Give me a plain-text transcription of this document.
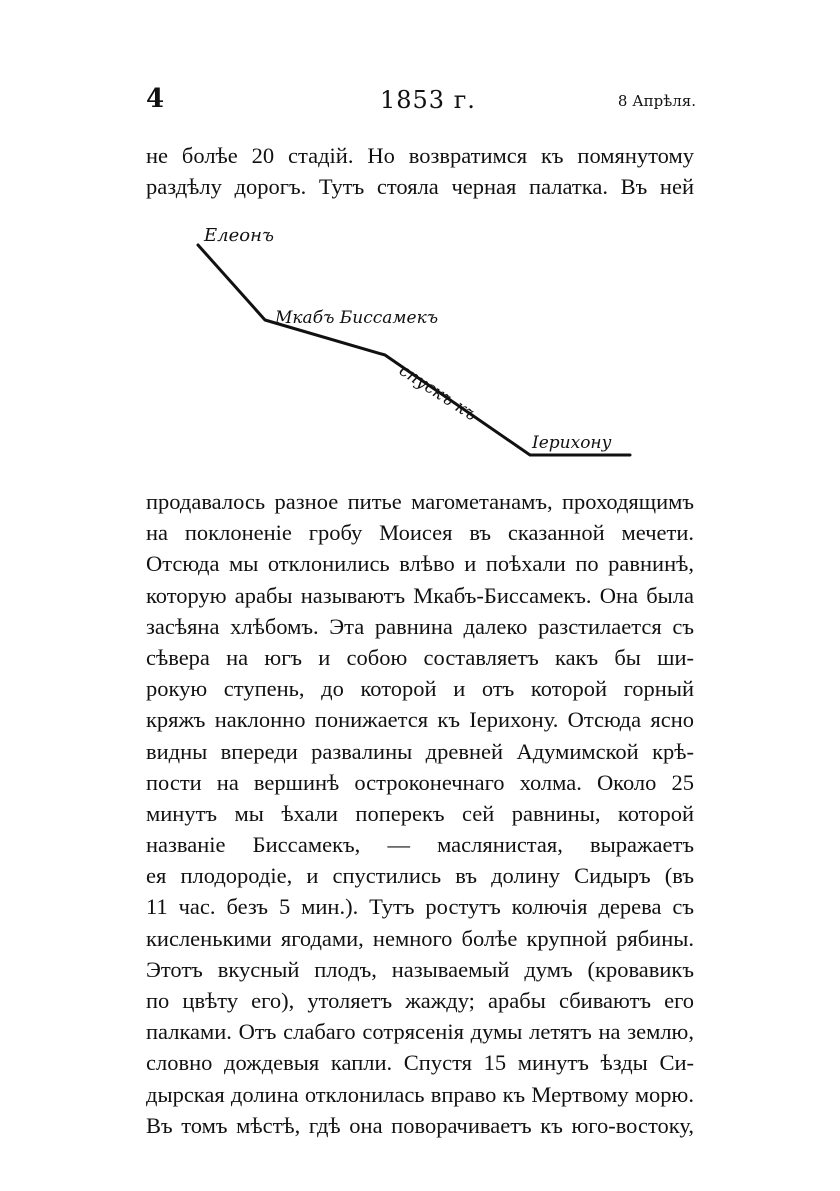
4	1853 г.	8 Апрѣля.
не болѣе 20 стадій. Но возвратимся къ помянутому
раздѣлу дорогъ. Тутъ стояла черная палатка. Въ ней
Елеонъ
Мкабъ Биссамекъ
спускъ къ
Іерихону
продавалось разное питье магометанамъ, проходящимъ
на поклоненіе гробу Моисея въ сказанной мечети.
Отсюда мы отклонились влѣво и поѣхали по равнинѣ,
которую арабы называютъ Мкабъ-Биссамекъ. Она была
засѣяна хлѣбомъ. Эта равнина далеко разстилается съ
сѣвера на югъ и собою составляетъ какъ бы ши-
рокую ступень, до которой и отъ которой горный
кряжъ наклонно понижается къ Іерихону. Отсюда ясно
видны впереди развалины древней Адумимской крѣ-
пости на вершинѣ остроконечнаго холма. Около 25
минутъ мы ѣхали поперекъ сей равнины, которой
названіе Биссамекъ, — масляниcтая, выражаетъ
ея плодородіе, и спустились въ долину Сидыръ (въ
11 час. безъ 5 мин.). Тутъ ростутъ колючія дерева съ
кисленькими ягодами, немного болѣе крупной рябины.
Этотъ вкусный плодъ, называемый думъ (кровавикъ
по цвѣту его), утоляетъ жажду; арабы сбиваютъ его
палками. Отъ слабаго сотрясенія думы летятъ на землю,
словно дождевыя капли. Спустя 15 минутъ ѣзды Си-
дырская долина отклонилась вправо къ Мертвому морю.
Въ томъ мѣстѣ, гдѣ она поворачиваетъ къ юго-востоку,
